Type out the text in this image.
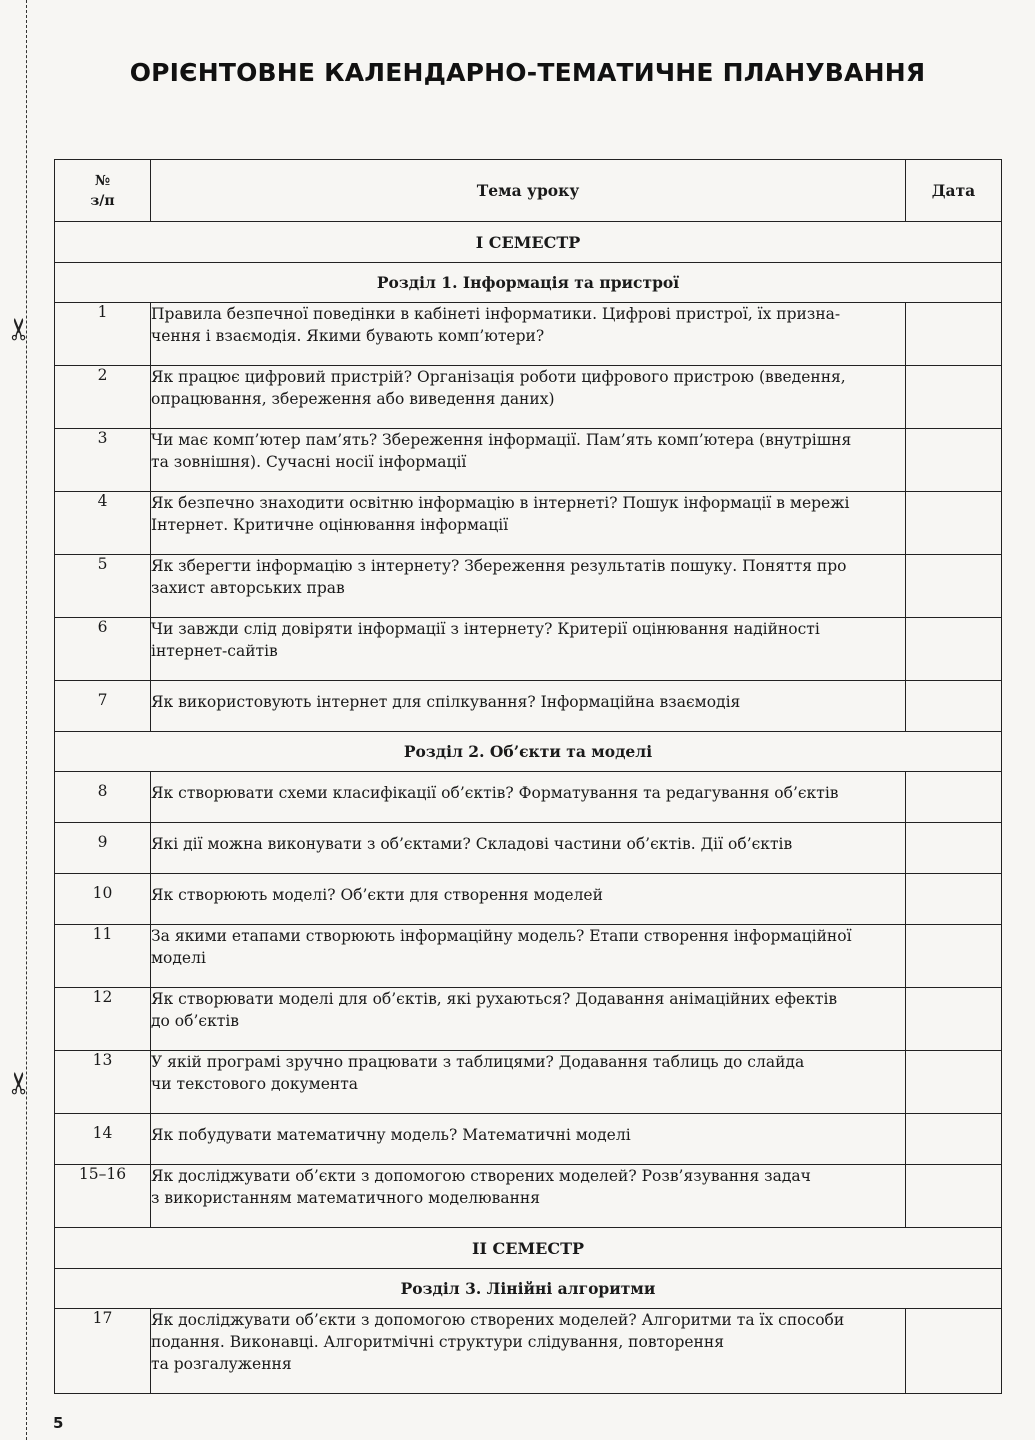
✂
✂
ОРІЄНТОВНЕ КАЛЕНДАРНО-ТЕМАТИЧНЕ ПЛАНУВАННЯ
№
з/п	Тема уроку	Дата
І СЕМЕСТР		
Розділ 1. Інформація та пристрої		
1	Правила безпечної поведінки в кабінеті інформатики. Цифрові пристрої, їх призна-
чення і взаємодія. Якими бувають комп’ютери?	
2	Як працює цифровий пристрій? Організація роботи цифрового пристрою (введення,
опрацювання, збереження або виведення даних)	
3	Чи має комп’ютер пам’ять? Збереження інформації. Пам’ять комп’ютера (внутрішня
та зовнішня). Сучасні носії інформації	
4	Як безпечно знаходити освітню інформацію в інтернеті? Пошук інформації в мережі
Інтернет. Критичне оцінювання інформації	
5	Як зберегти інформацію з інтернету? Збереження результатів пошуку. Поняття про
захист авторських прав	
6	Чи завжди слід довіряти інформації з інтернету? Критерії оцінювання надійності
інтернет-сайтів	
7	Як використовують інтернет для спілкування? Інформаційна взаємодія	
Розділ 2. Об’єкти та моделі		
8	Як створювати схеми класифікації об’єктів? Форматування та редагування об’єктів	
9	Які дії можна виконувати з об’єктами? Складові частини об’єктів. Дії об’єктів	
10	Як створюють моделі? Об’єкти для створення моделей	
11	За якими етапами створюють інформаційну модель? Етапи створення інформаційної
моделі	
12	Як створювати моделі для об’єктів, які рухаються? Додавання анімаційних ефектів
до об’єктів	
13	У якій програмі зручно працювати з таблицями? Додавання таблиць до слайда
чи текстового документа	
14	Як побудувати математичну модель? Математичні моделі	
15–16	Як досліджувати об’єкти з допомогою створених моделей? Розв’язування задач
з використанням математичного моделювання	
ІІ СЕМЕСТР		
Розділ 3. Лінійні алгоритми		
17	Як досліджувати об’єкти з допомогою створених моделей? Алгоритми та їх способи
подання. Виконавці. Алгоритмічні структури слідування, повторення
та розгалуження	
5
